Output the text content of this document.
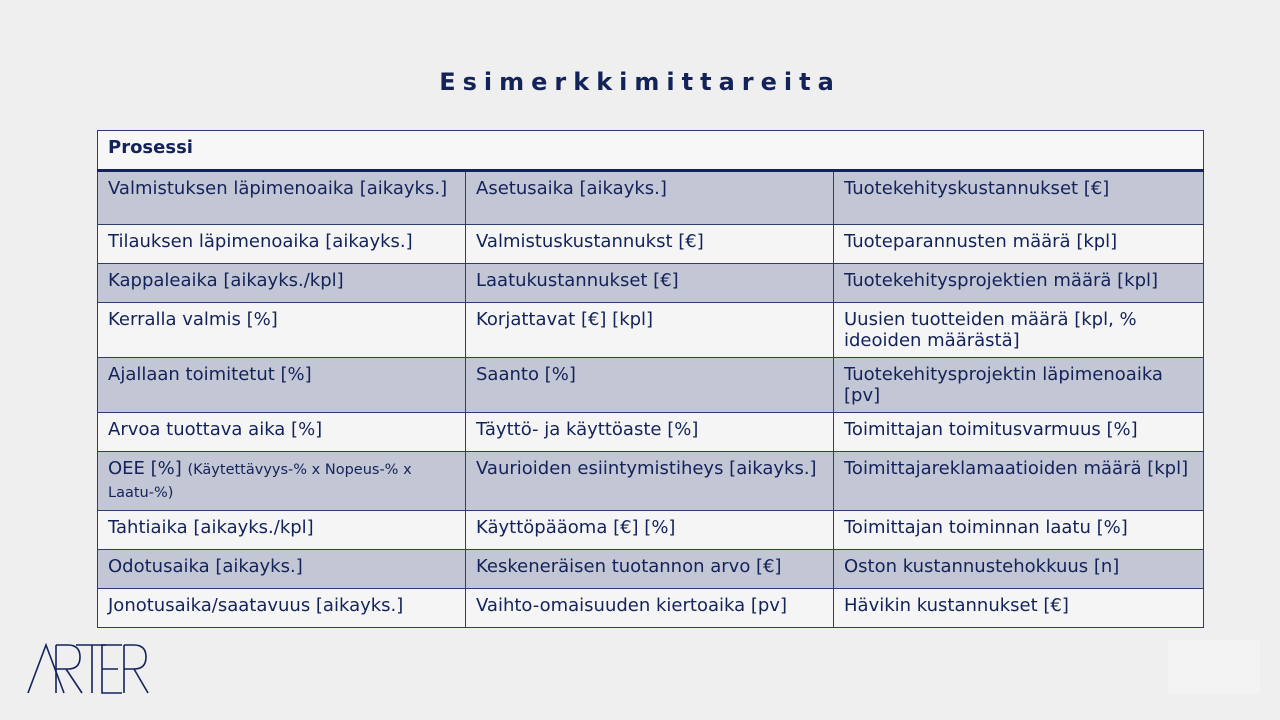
Esimerkkimittareita
Prosessi		
Valmistuksen läpimenoaika [aikayks.]	Asetusaika [aikayks.]	Tuotekehityskustannukset [€]
Tilauksen läpimenoaika [aikayks.]	Valmistuskustannukst [€]	Tuoteparannusten määrä [kpl]
Kappaleaika [aikayks./kpl]	Laatukustannukset [€]	Tuotekehitysprojektien määrä [kpl]
Kerralla valmis [%]	Korjattavat [€] [kpl]	Uusien tuotteiden määrä [kpl, % ideoiden määrästä]
Ajallaan toimitetut [%]	Saanto [%]	Tuotekehitysprojektin läpimenoaika [pv]
Arvoa tuottava aika [%]	Täyttö- ja käyttöaste [%]	Toimittajan toimitusvarmuus [%]
OEE [%] (Käytettävyys-% x Nopeus-% x Laatu-%)	Vaurioiden esiintymistiheys [aikayks.]	Toimittajareklamaatioiden määrä [kpl]
Tahtiaika [aikayks./kpl]	Käyttöpääoma [€] [%]	Toimittajan toiminnan laatu [%]
Odotusaika [aikayks.]	Keskeneräisen tuotannon arvo [€]	Oston kustannustehokkuus [n]
Jonotusaika/saatavuus [aikayks.]	Vaihto-omaisuuden kiertoaika [pv]	Hävikin kustannukset [€]
